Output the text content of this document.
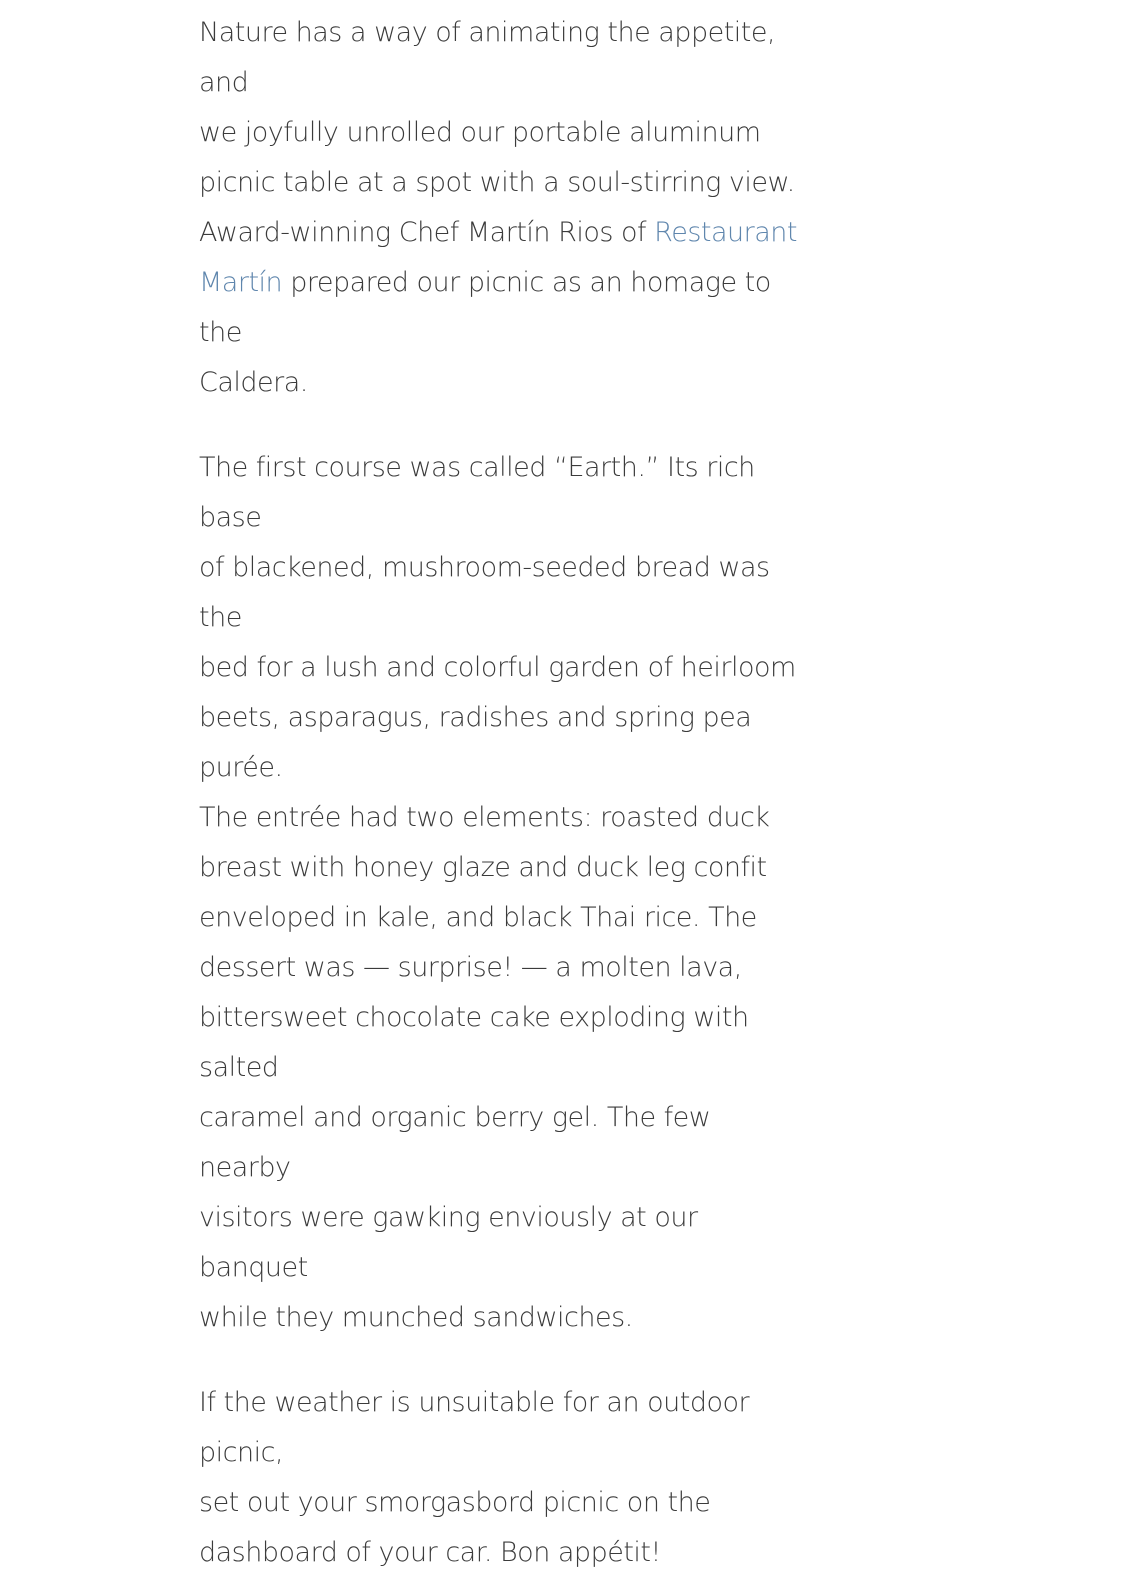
Nature has a way of animating the appetite, and
we joyfully unrolled our portable aluminum
picnic table at a spot with a soul-stirring view.
Award-winning Chef Martín Rios of Restaurant
Martín prepared our picnic as an homage to the
Caldera.

The first course was called “Earth.” Its rich base
of blackened, mushroom-seeded bread was the
bed for a lush and colorful garden of heirloom
beets, asparagus, radishes and spring pea purée.
The entrée had two elements: roasted duck
breast with honey glaze and duck leg confit
enveloped in kale, and black Thai rice. The
dessert was — surprise! — a molten lava,
bittersweet chocolate cake exploding with salted
caramel and organic berry gel. The few nearby
visitors were gawking enviously at our banquet
while they munched sandwiches.

If the weather is unsuitable for an outdoor picnic,
set out your smorgasbord picnic on the
dashboard of your car. Bon appétit!
